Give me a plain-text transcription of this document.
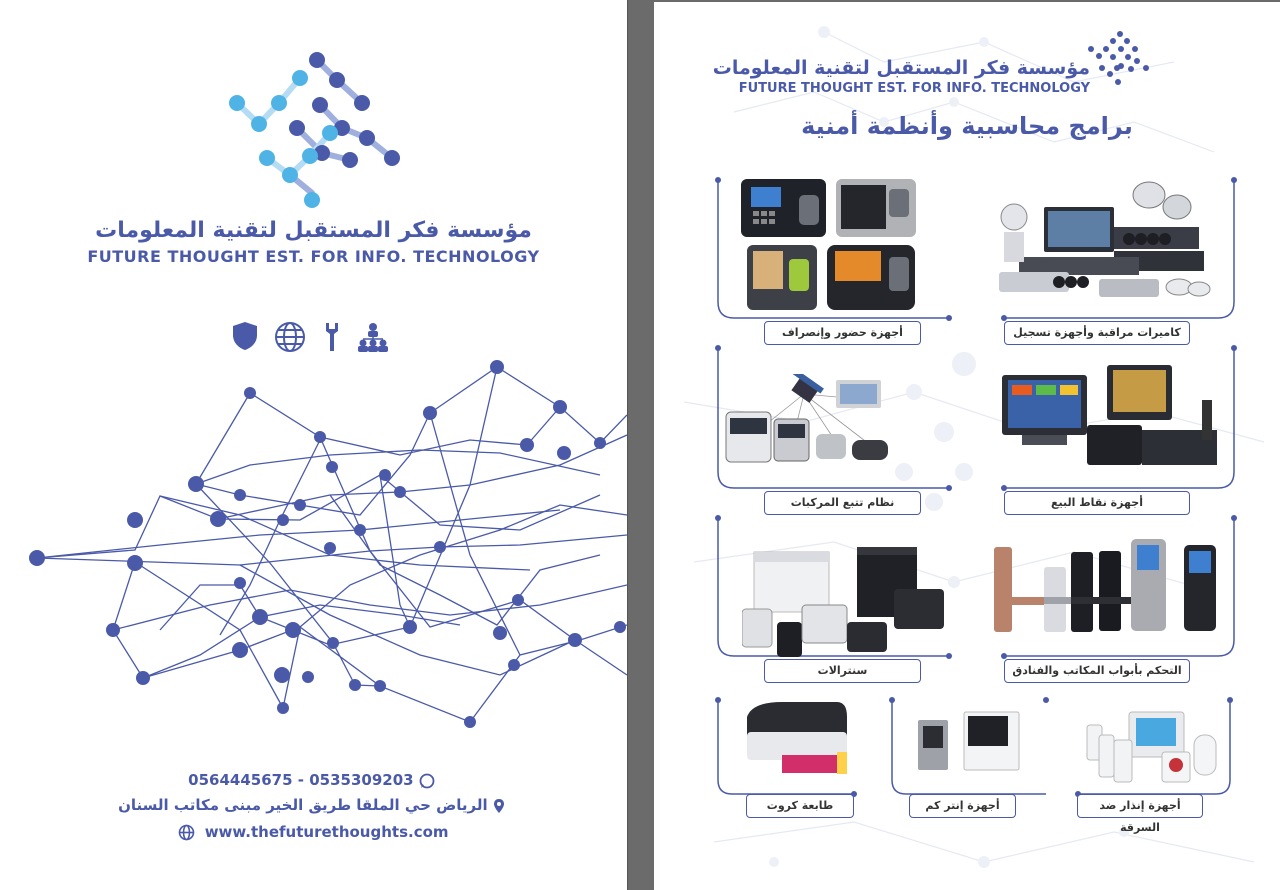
مؤسسة فكر المستقبل لتقنية المعلومات
FUTURE THOUGHT EST. FOR INFO. TECHNOLOGY
0564445675 - 0535309203
الرياض حي الملقا طريق الخير مبنى مكاتب السنان
www.thefuturethoughts.com
مؤسسة فكر المستقبل لتقنية المعلومات
FUTURE THOUGHT EST. FOR INFO. TECHNOLOGY
برامج محاسبية وأنظمة أمنية
كاميرات مراقبة وأجهزة تسجيل
أجهزة حضور وإنصراف
أجهزة نقاط البيع
نظام تتبع المركبات
التحكم بأبواب المكاتب والفنادق
سنترالات
أجهزة إنذار ضد السرقة
أجهزة إنتر كم
طابعة كروت
